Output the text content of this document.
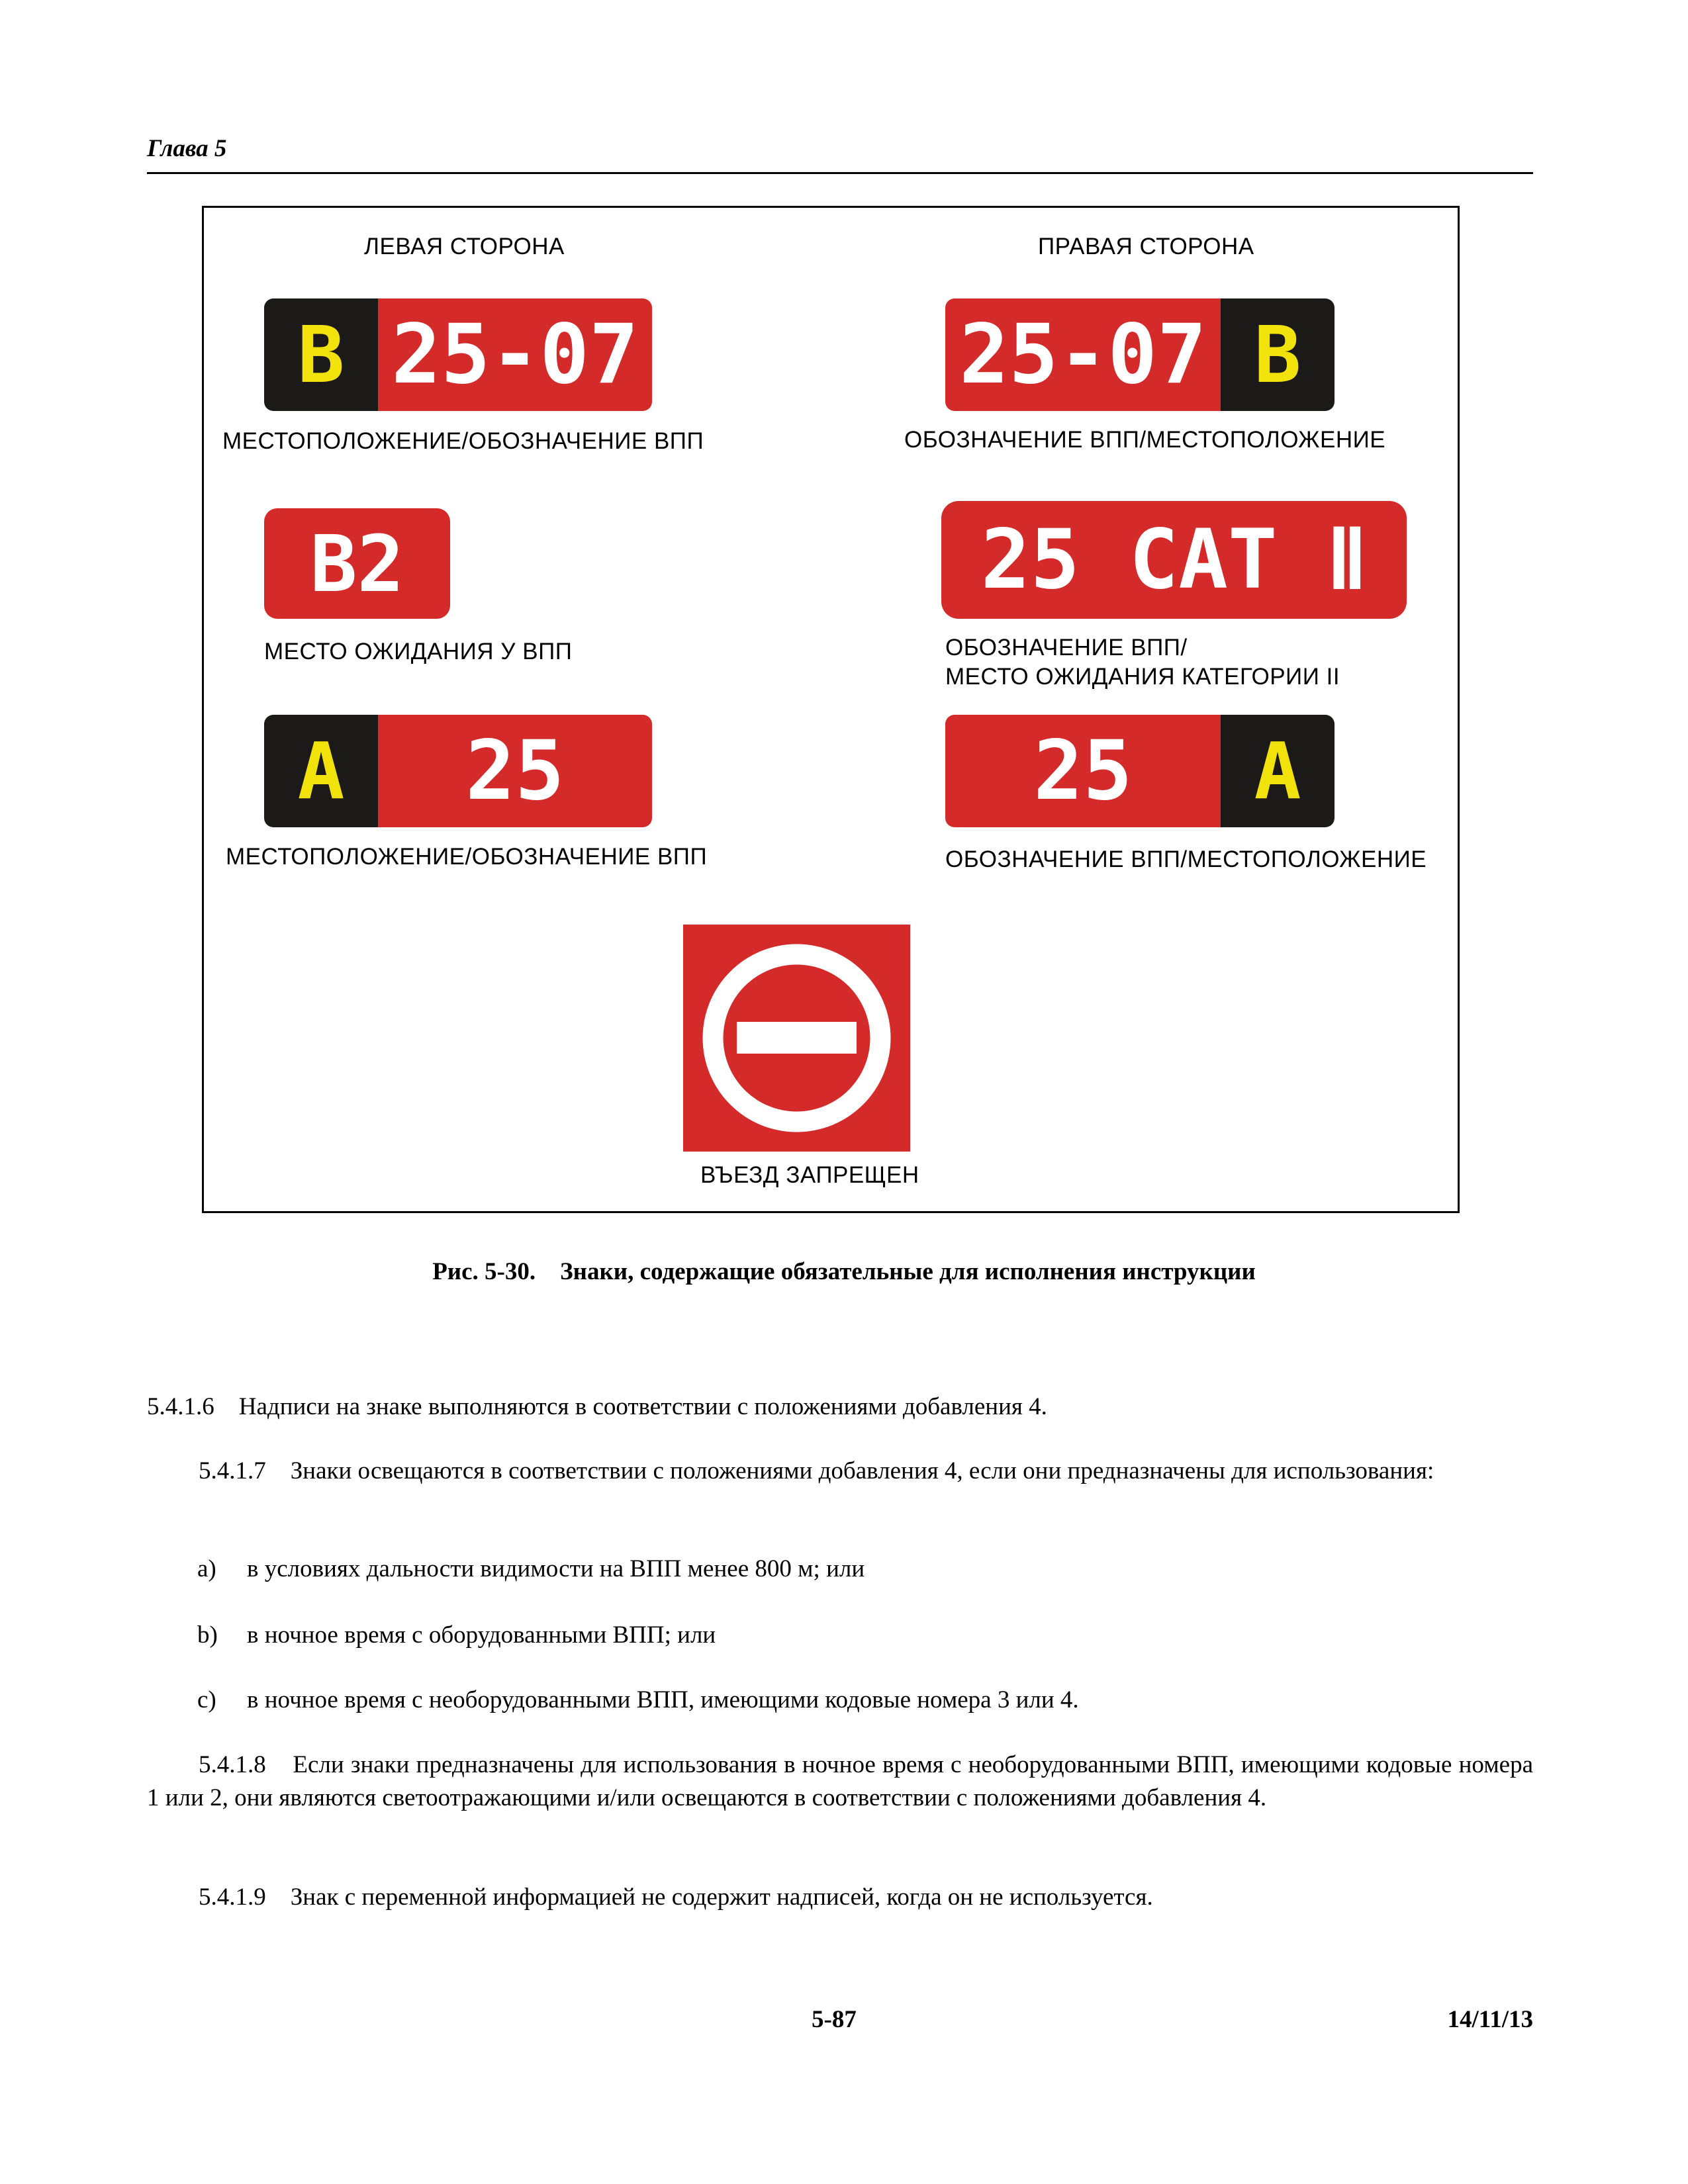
Глава 5
ЛЕВАЯ СТОРОНА	ПРАВАЯ СТОРОНА
B 25-07
МЕСТОПОЛОЖЕНИЕ/ОБОЗНАЧЕНИЕ ВПП
25-07 B
ОБОЗНАЧЕНИЕ ВПП/МЕСТОПОЛОЖЕНИЕ
B2
МЕСТО ОЖИДАНИЯ У ВПП
25 CAT Ⅱ
ОБОЗНАЧЕНИЕ ВПП/
МЕСТО ОЖИДАНИЯ КАТЕГОРИИ II
A	25
МЕСТОПОЛОЖЕНИЕ/ОБОЗНАЧЕНИЕ ВПП
25	A
ОБОЗНАЧЕНИЕ ВПП/МЕСТОПОЛОЖЕНИЕ
ВЪЕЗД ЗАПРЕЩЕН
Рис. 5-30.    Знаки, содержащие обязательные для исполнения инструкции
5.4.1.6    Надписи на знаке выполняются в соответствии с положениями добавления 4.
5.4.1.7    Знаки освещаются в соответствии с положениями добавления 4, если они предназначены для использования:
a) в условиях дальности видимости на ВПП менее 800 м; или
b) в ночное время с оборудованными ВПП; или
c) в ночное время с необорудованными ВПП, имеющими кодовые номера 3 или 4.
5.4.1.8    Если знаки предназначены для использования в ночное время с необорудованными ВПП, имеющими кодовые номера 1 или 2, они являются светоотражающими и/или освещаются в соответствии с положениями добавления 4.
5.4.1.9    Знак с переменной информацией не содержит надписей, когда он не используется.
5-87	14/11/13
